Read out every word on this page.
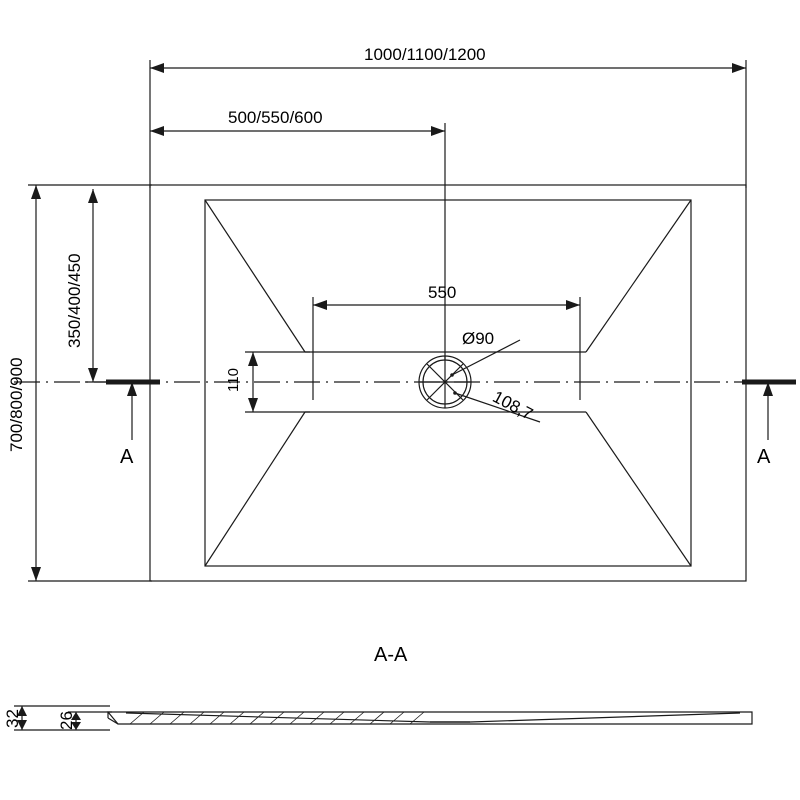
1000/1100/1200
500/550/600
700/800/900
350/400/450	550
110
Ø90
108,7
A	A
A-A
32 26
